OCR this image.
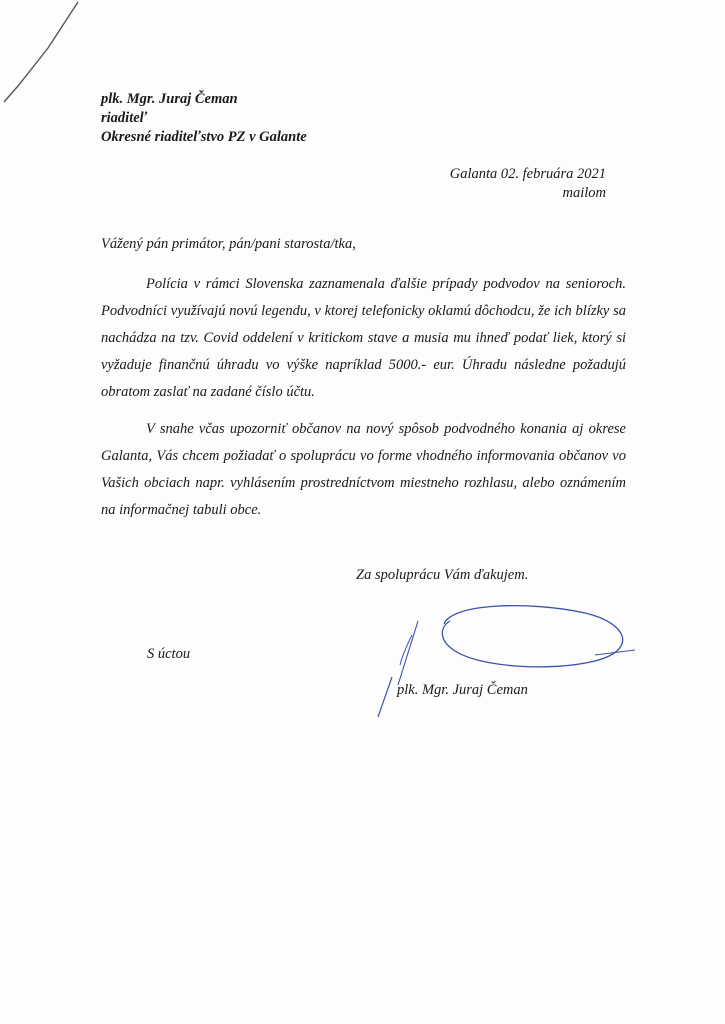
plk. Mgr. Juraj Čeman
riaditeľ
Okresné riaditeľstvo PZ v Galante
Galanta 02. februára 2021
mailom
Vážený pán primátor, pán/pani starosta/tka,

Polícia v rámci Slovenska zaznamenala ďalšie prípady podvodov na senioroch. Podvodníci využívajú novú legendu, v ktorej telefonicky oklamú dôchodcu, že ich blízky sa nachádza na tzv. Covid oddelení v kritickom stave a musia mu ihneď podať liek, ktorý si vyžaduje finančnú úhradu vo výške napríklad 5000.- eur. Úhradu následne požadujú obratom zaslať na zadané číslo účtu.

V snahe včas upozorniť občanov na nový spôsob podvodného konania aj okrese Galanta, Vás chcem požiadať o spoluprácu vo forme vhodného informovania občanov vo Vašich obciach napr. vyhlásením prostredníctvom miestneho rozhlasu, alebo oznámením na informačnej tabuli obce.

Za spoluprácu Vám ďakujem.
S úctou
plk. Mgr. Juraj Čeman
